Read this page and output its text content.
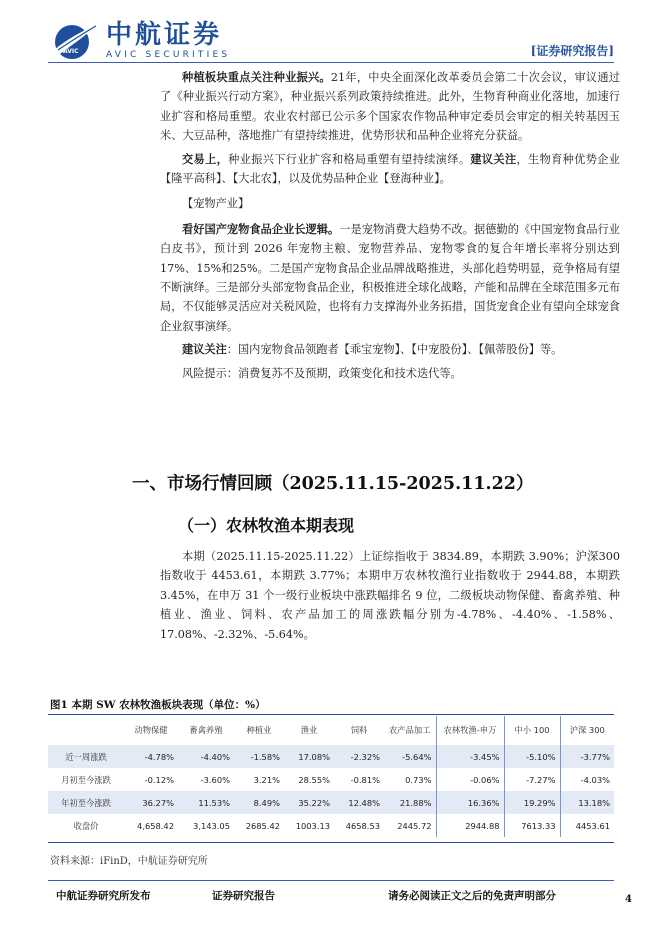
AVIC
中航证券
AVIC SECURITIES	[证券研究报告]

种植板块重点关注种业振兴。21年，中央全面深化改革委员会第二十次会议，审议通过了《种业振兴行动方案》，种业振兴系列政策持续推进。此外，生物育种商业化落地，加速行业扩容和格局重塑。农业农村部已公示多个国家农作物品种审定委员会审定的相关转基因玉米、大豆品种，落地推广有望持续推进，优势形状和品种企业将充分获益。

交易上，种业振兴下行业扩容和格局重塑有望持续演绎。建议关注，生物育种优势企业【隆平高科】、【大北农】，以及优势品种企业【登海种业】。

【宠物产业】

看好国产宠物食品企业长逻辑。一是宠物消费大趋势不改。据德勤的《中国宠物食品行业白皮书》，预计到 2026 年宠物主粮、宠物营养品、宠物零食的复合年增长率将分别达到17%、15%和25%。二是国产宠物食品企业品牌战略推进，头部化趋势明显，竞争格局有望不断演绎。三是部分头部宠物食品企业，积极推进全球化战略，产能和品牌在全球范围多元布局，不仅能够灵活应对关税风险，也将有力支撑海外业务拓措，国货宠食企业有望向全球宠食企业叙事演绎。

建议关注：国内宠物食品领跑者【乖宝宠物】、【中宠股份】、【佩蒂股份】等。

风险提示：消费复苏不及预期，政策变化和技术迭代等。

一、市场行情回顾（2025.11.15-2025.11.22）
（一）农林牧渔本期表现

本期（2025.11.15-2025.11.22）上证综指收于 3834.89，本期跌 3.90%；沪深300 指数收于 4453.61，本期跌 3.77%；本期申万农林牧渔行业指数收于 2944.88，本期跌 3.45%，在申万 31 个一级行业板块中涨跌幅排名 9 位，二级板块动物保健、畜禽养殖、种植业、渔业、饲料、农产品加工的周涨跌幅分别为-4.78%、-4.40%、-1.58%、17.08%、-2.32%、-5.64%。

图1 本期 SW 农林牧渔板块表现（单位：%）
	动物保健	畜禽养殖	种植业	渔业	饲料	农产品加工	农林牧渔-申万	中小 100	沪深 300
近一周涨跌	-4.78%	-4.40%	-1.58%	17.08%	-2.32%	-5.64%	-3.45%	-5.10%	-3.77%
月初至今涨跌	-0.12%	-3.60%	3.21%	28.55%	-0.81%	0.73%	-0.06%	-7.27%	-4.03%
年初至今涨跌	36.27%	11.53%	8.49%	35.22%	12.48%	21.88%	16.36%	19.29%	13.18%
收盘价	4,658.42	3,143.05	2685.42	1003.13	4658.53	2445.72	2944.88	7613.33	4453.61
资料来源：iFinD，中航证券研究所
中航证券研究所发布	证券研究报告	请务必阅读正文之后的免责声明部分	4
